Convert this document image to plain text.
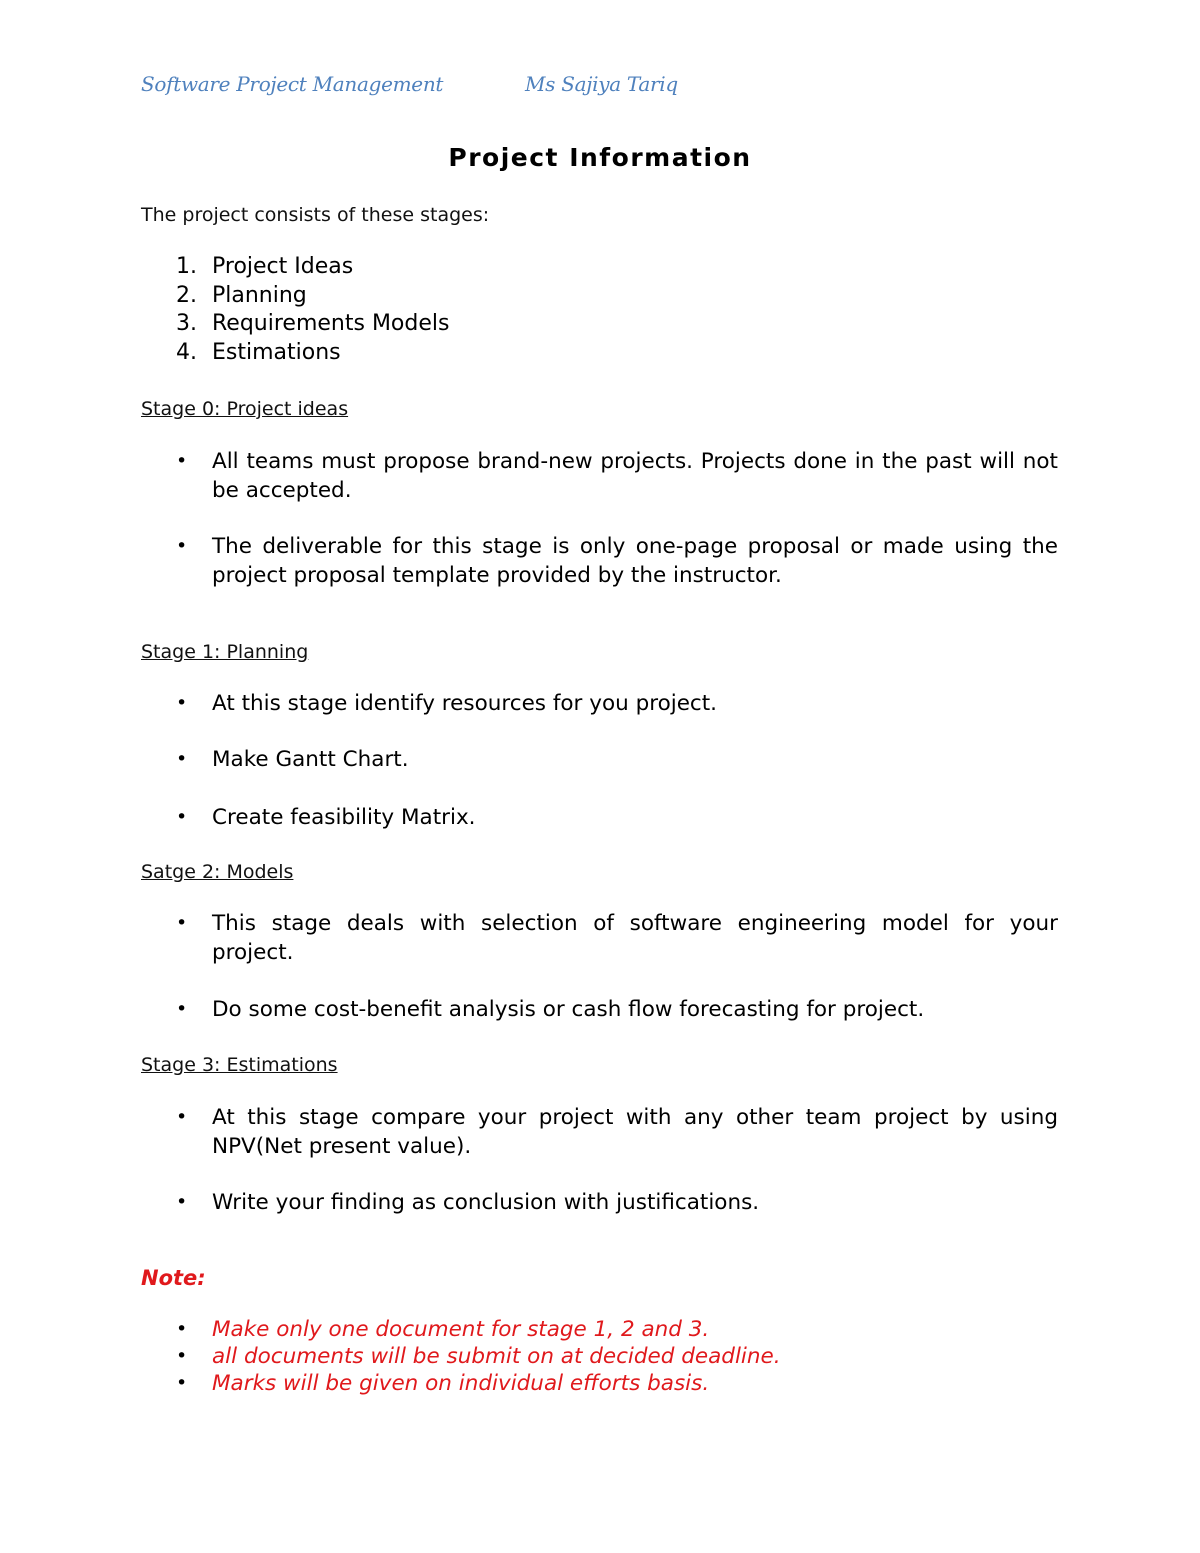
Software Project Management	Ms Sajiya Tariq
Project Information
The project consists of these stages:
1. Project Ideas
2. Planning
3. Requirements Models
4. Estimations
Stage 0: Project ideas
•	All teams must propose brand-new projects. Projects done in the past will not be accepted.
•	The deliverable for this stage is only one-page proposal or made using the project proposal template provided by the instructor.
Stage 1: Planning
•	At this stage identify resources for you project.
•	Make Gantt Chart.
•	Create feasibility Matrix.
Satge 2: Models
•	This stage deals with selection of software engineering model for your project.
•	Do some cost-benefit analysis or cash flow forecasting for project.
Stage 3: Estimations
•	At this stage compare your project with any other team project by using NPV(Net present value).
•	Write your finding as conclusion with justifications.
Note:
•	Make only one document for stage 1, 2 and 3.
•	all documents will be submit on at decided deadline.
•	Marks will be given on individual efforts basis.
